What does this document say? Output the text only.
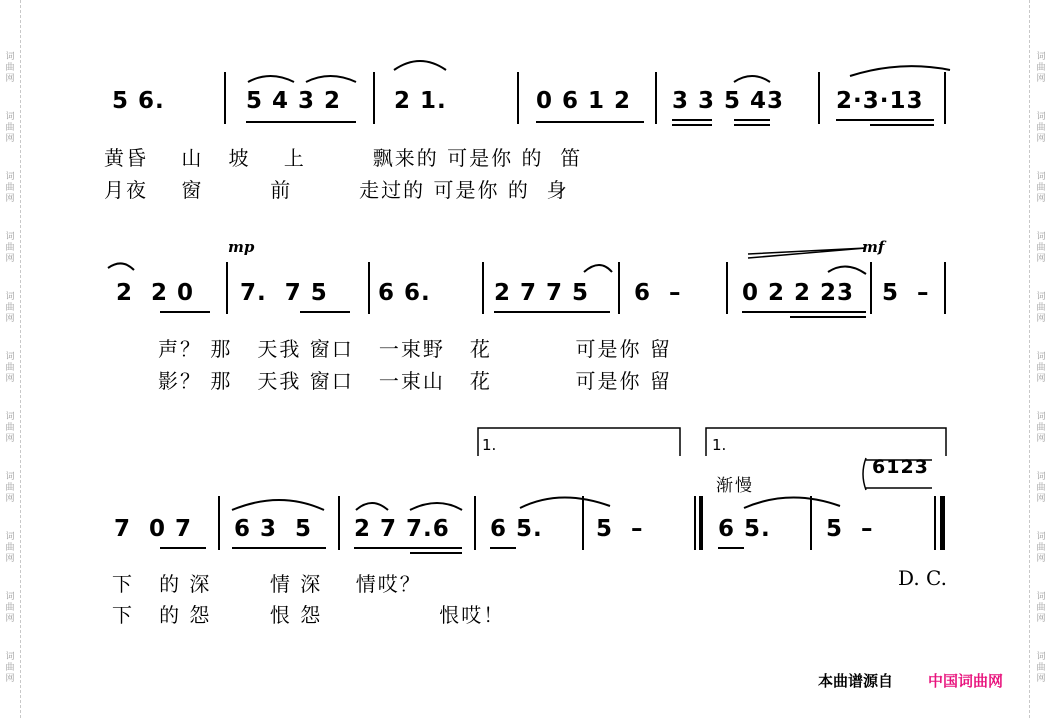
词
曲
网
词
曲
网
词
曲
网
词
曲
网
词
曲
网
词
曲
网
词
曲
网
词
曲
网
词
曲
网
词
曲
网
词
曲
网
词
曲
网
词
曲
网
词
曲
网
词
曲
网
词
曲
网
词
曲
网
词
曲
网
词
曲
网
词
曲
网
词
曲
网
词
曲
网
5 6.	5 4 3 2 2 1.	0 6 1 2 3 3 5 43 2·3·13
黄昏    山   坡    上        飘来的 可是你 的  笛
月夜    窗        前        走过的 可是你 的  身
mp	mf
2  2 0 7.  7 5 6 6.	2 7 7 5 6  –	0 2 2 23 5  –
声？ 那   天我 窗口   一束野   花          可是你 留
影？ 那   天我 窗口   一束山   花          可是你 留
1.	1.
渐慢
6123
7  0 7 6 3  5 2 7 7.6 6 5. 5  –	6 5. 5  –
下   的 深       情 深    情哎？
下   的 怨       恨 怨              恨哎！
D. C.
本曲谱源自 中国词曲网
